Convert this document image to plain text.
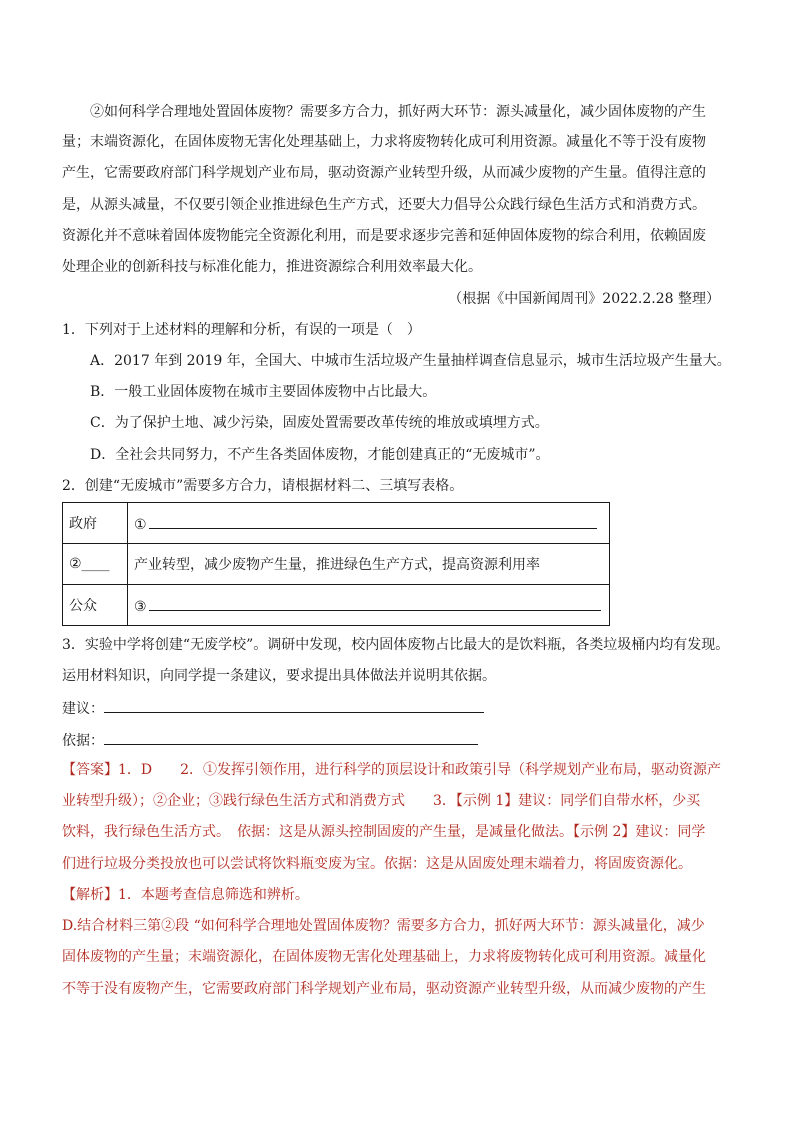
②如何科学合理地处置固体废物？需要多方合力，抓好两大环节：源头减量化，减少固体废物的产生
量；末端资源化，在固体废物无害化处理基础上，力求将废物转化成可利用资源。减量化不等于没有废物
产生，它需要政府部门科学规划产业布局，驱动资源产业转型升级，从而减少废物的产生量。值得注意的
是，从源头减量，不仅要引领企业推进绿色生产方式，还要大力倡导公众践行绿色生活方式和消费方式。
资源化并不意味着固体废物能完全资源化利用，而是要求逐步完善和延伸固体废物的综合利用，依赖固废
处理企业的创新科技与标准化能力，推进资源综合利用效率最大化。
（根据《中国新闻周刊》2022.2.28 整理）
1．下列对于上述材料的理解和分析，有误的一项是（　）
A．2017 年到 2019 年，全国大、中城市生活垃圾产生量抽样调查信息显示，城市生活垃圾产生量大。
B．一般工业固体废物在城市主要固体废物中占比最大。
C．为了保护土地、减少污染，固废处置需要改革传统的堆放或填埋方式。
D．全社会共同努力，不产生各类固体废物，才能创建真正的“无废城市”。
2．创建“无废城市”需要多方合力，请根据材料二、三填写表格。
政府	①
②____	产业转型，减少废物产生量，推进绿色生产方式，提高资源利用率
公众	③
3．实验中学将创建“无废学校”。调研中发现，校内固体废物占比最大的是饮料瓶，各类垃圾桶内均有发现。
运用材料知识，向同学提一条建议，要求提出具体做法并说明其依据。
建议：
依据：
【答案】1．D　　2．①发挥引领作用，进行科学的顶层设计和政策引导（科学规划产业布局，驱动资源产
业转型升级）；②企业；③践行绿色生活方式和消费方式　　3．【示例 1】建议：同学们自带水杯，少买
饮料，我行绿色生活方式。　依据：这是从源头控制固废的产生量，是减量化做法。【示例 2】建议：同学
们进行垃圾分类投放也可以尝试将饮料瓶变废为宝。依据：这是从固废处理末端着力，将固废资源化。
【解析】1．本题考查信息筛选和辨析。
D.结合材料三第②段 “如何科学合理地处置固体废物？需要多方合力，抓好两大环节：源头减量化，减少
固体废物的产生量；末端资源化，在固体废物无害化处理基础上，力求将废物转化成可利用资源。减量化
不等于没有废物产生，它需要政府部门科学规划产业布局，驱动资源产业转型升级，从而减少废物的产生
